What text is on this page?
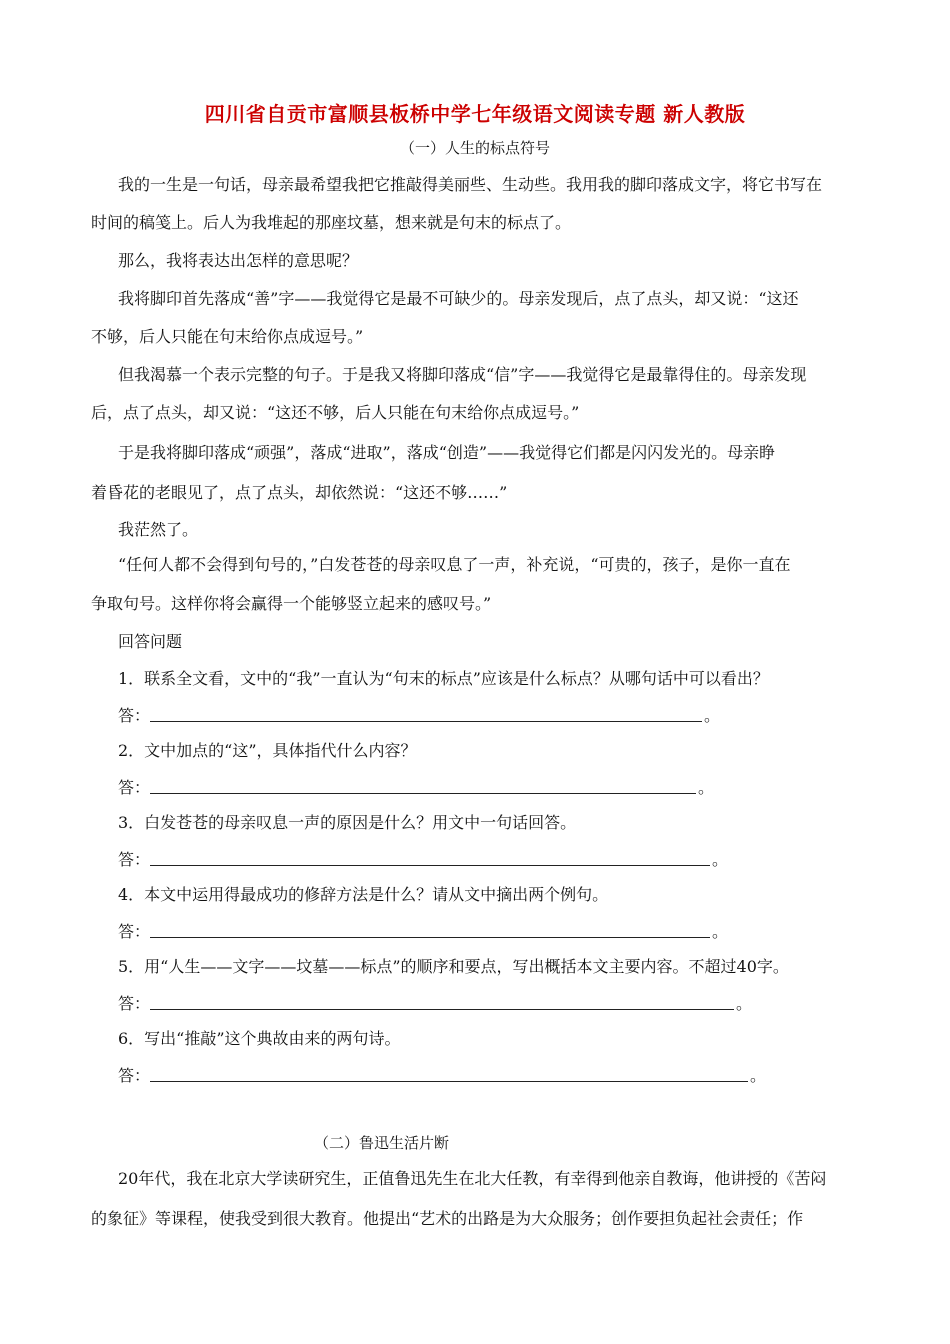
四川省自贡市富顺县板桥中学七年级语文阅读专题 新人教版
（一）人生的标点符号
我的一生是一句话，母亲最希望我把它推敲得美丽些、生动些。我用我的脚印落成文字，将它书写在
时间的稿笺上。后人为我堆起的那座坟墓，想来就是句末的标点了。
那么，我将表达出怎样的意思呢？
我将脚印首先落成“善”字——我觉得它是最不可缺少的。母亲发现后，点了点头，却又说：“这还
不够，后人只能在句末给你点成逗号。”
但我渴慕一个表示完整的句子。于是我又将脚印落成“信”字——我觉得它是最靠得住的。母亲发现
后，点了点头，却又说：“这还不够，后人只能在句末给你点成逗号。”
于是我将脚印落成“顽强”，落成“进取”，落成“创造”——我觉得它们都是闪闪发光的。母亲睁
着昏花的老眼见了，点了点头，却依然说：“这还不够……”
我茫然了。
“任何人都不会得到句号的，”白发苍苍的母亲叹息了一声，补充说，“可贵的，孩子，是你一直在
争取句号。这样你将会赢得一个能够竖立起来的感叹号。”
回答问题
1．联系全文看，文中的“我”一直认为“句末的标点”应该是什么标点？从哪句话中可以看出？
答：	。
2．文中加点的“这”，具体指代什么内容？
答：	。
3．白发苍苍的母亲叹息一声的原因是什么？用文中一句话回答。
答：	。
4．本文中运用得最成功的修辞方法是什么？请从文中摘出两个例句。
答：	。
5．用“人生——文字——坟墓——标点”的顺序和要点，写出概括本文主要内容。不超过40字。
答：	。
6．写出“推敲”这个典故由来的两句诗。
答：	。
（二）鲁迅生活片断
20年代，我在北京大学读研究生，正值鲁迅先生在北大任教，有幸得到他亲自教诲，他讲授的《苦闷
的象征》等课程，使我受到很大教育。他提出“艺术的出路是为大众服务；创作要担负起社会责任；作
